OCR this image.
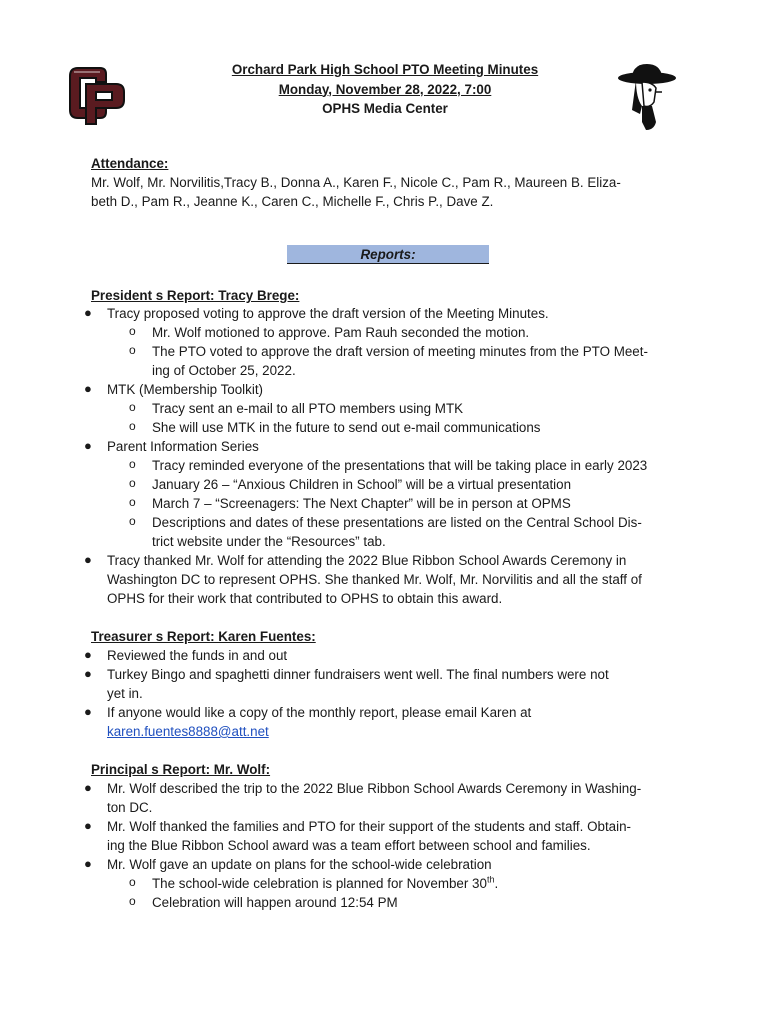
Orchard Park High School PTO Meeting Minutes
Monday, November 28, 2022, 7:00
OPHS Media Center
Attendance:
Mr. Wolf, Mr. Norvilitis,Tracy B., Donna A., Karen F., Nicole C., Pam R., Maureen B. Eliza-
beth D., Pam R., Jeanne K., Caren C., Michelle F., Chris P., Dave Z.
Reports:
President s Report: Tracy Brege:
● Tracy proposed voting to approve the draft version of the Meeting Minutes.
o Mr. Wolf motioned to approve. Pam Rauh seconded the motion.
o The PTO voted to approve the draft version of meeting minutes from the PTO Meet-
ing of October 25, 2022.
● MTK (Membership Toolkit)
o Tracy sent an e-mail to all PTO members using MTK
o She will use MTK in the future to send out e-mail communications
● Parent Information Series
o Tracy reminded everyone of the presentations that will be taking place in early 2023
o January 26 – “Anxious Children in School” will be a virtual presentation
o March 7 – “Screenagers: The Next Chapter” will be in person at OPMS
o Descriptions and dates of these presentations are listed on the Central School Dis-
trict website under the “Resources” tab.
● Tracy thanked Mr. Wolf for attending the 2022 Blue Ribbon School Awards Ceremony in
Washington DC to represent OPHS. She thanked Mr. Wolf, Mr. Norvilitis and all the staff of
OPHS for their work that contributed to OPHS to obtain this award.
Treasurer s Report: Karen Fuentes:
● Reviewed the funds in and out
● Turkey Bingo and spaghetti dinner fundraisers went well. The final numbers were not
yet in.
● If anyone would like a copy of the monthly report, please email Karen at
karen.fuentes8888@att.net
Principal s Report: Mr. Wolf:
● Mr. Wolf described the trip to the 2022 Blue Ribbon School Awards Ceremony in Washing-
ton DC.
● Mr. Wolf thanked the families and PTO for their support of the students and staff. Obtain-
ing the Blue Ribbon School award was a team effort between school and families.
● Mr. Wolf gave an update on plans for the school-wide celebration
o The school-wide celebration is planned for November 30th.
o Celebration will happen around 12:54 PM
